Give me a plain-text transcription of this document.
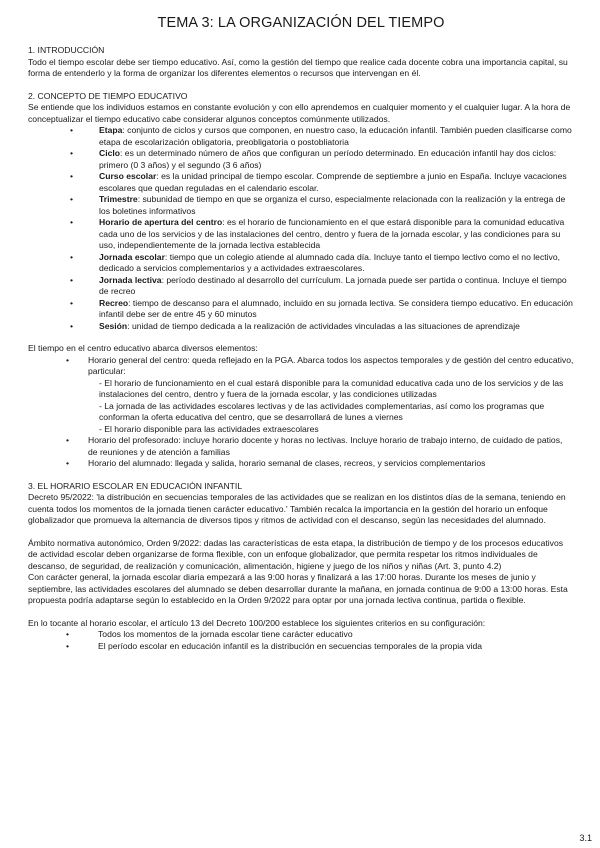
TEMA 3: LA ORGANIZACIÓN DEL TIEMPO
1. INTRODUCCIÓN

Todo el tiempo escolar debe ser tiempo educativo. Así, como la gestión del tiempo que realice cada docente cobra una importancia capital, su forma de entenderlo y la forma de organizar los diferentes elementos o recursos que intervengan en él.

2. CONCEPTO DE TIEMPO EDUCATIVO

Se entiende que los individuos estamos en constante evolución y con ello aprendemos en cualquier momento y el cualquier lugar. A la hora de conceptualizar el tiempo educativo cabe considerar algunos conceptos comúnmente utilizados.

•	Etapa: conjunto de ciclos y cursos que componen, en nuestro caso, la educación infantil. También pueden clasificarse como etapa de escolarización obligatoria, preobligatoria o postobliatoria
•	Ciclo: es un determinado número de años que configuran un período determinado. En educación infantil hay dos ciclos: primero (0 3 años) y el segundo (3 6 años)
•	Curso escolar: es la unidad principal de tiempo escolar. Comprende de septiembre a junio en España. Incluye vacaciones escolares que quedan reguladas en el calendario escolar.
•	Trimestre: subunidad de tiempo en que se organiza el curso, especialmente relacionada con la realización y la entrega de los boletines informativos
•	Horario de apertura del centro: es el horario de funcionamiento en el que estará disponible para la comunidad educativa cada uno de los servicios y de las instalaciones del centro, dentro y fuera de la jornada escolar, y las condiciones para su uso, independientemente de la jornada lectiva establecida
•	Jornada escolar: tiempo que un colegio atiende al alumnado cada día. Incluye tanto el tiempo lectivo como el no lectivo, dedicado a servicios complementarios y a actividades extraescolares.
•	Jornada lectiva: período destinado al desarrollo del currículum. La jornada puede ser partida o continua. Incluye el tiempo de recreo
•	Recreo: tiempo de descanso para el alumnado, incluido en su jornada lectiva. Se considera tiempo educativo. En educación infantil debe ser de entre 45 y 60 minutos
•	Sesión: unidad de tiempo dedicada a la realización de actividades vinculadas a las situaciones de aprendizaje

El tiempo en el centro educativo abarca diversos elementos:

• Horario general del centro: queda reflejado en la PGA. Abarca todos los aspectos temporales y de gestión del centro educativo, particular:

- El horario de funcionamiento en el cual estará disponible para la comunidad educativa cada uno de los servicios y de las instalaciones del centro, dentro y fuera de la jornada escolar, y las condiciones utilizadas

- La jornada de las actividades escolares lectivas y de las actividades complementarias, así como los programas que conforman la oferta educativa del centro, que se desarrollará de lunes a viernes

- El horario disponible para las actividades extraescolares

• Horario del profesorado: incluye horario docente y horas no lectivas. Incluye horario de trabajo interno, de cuidado de patios, de reuniones y de atención a familias
• Horario del alumnado: llegada y salida, horario semanal de clases, recreos, y servicios complementarios
3. EL HORARIO ESCOLAR EN EDUCACIÓN INFANTIL

Decreto 95/2022: 'la distribución en secuencias temporales de las actividades que se realizan en los distintos días de la semana, teniendo en cuenta todos los momentos de la jornada tienen carácter educativo.' También recalca la importancia en la gestión del horario un enfoque globalizador que promueva la alternancia de diversos tipos y ritmos de actividad con el descanso, según las necesidades del alumnado.

Ámbito normativa autonómico, Orden 9/2022: dadas las características de esta etapa, la distribución de tiempo y de los procesos educativos de actividad escolar deben organizarse de forma flexible, con un enfoque globalizador, que permita respetar los ritmos individuales de descanso, de seguridad, de realización y comunicación, alimentación, higiene y juego de los niños y niñas (Art. 3, punto 4.2)

Con carácter general, la jornada escolar diaria empezará a las 9:00 horas y finalizará a las 17:00 horas. Durante los meses de junio y septiembre, las actividades escolares del alumnado se deben desarrollar durante la mañana, en jornada continua de 9:00 a 13:00 horas. Esta propuesta podría adaptarse según lo establecido en la Orden 9/2022 para optar por una jornada lectiva continua, partida o flexible.

En lo tocante al horario escolar, el artículo 13 del Decreto 100/200 establece los siguientes criterios en su configuración:

•	Todos los momentos de la jornada escolar tiene carácter educativo
•	El período escolar en educación infantil es la distribución en secuencias temporales de la propia vida
3.1
